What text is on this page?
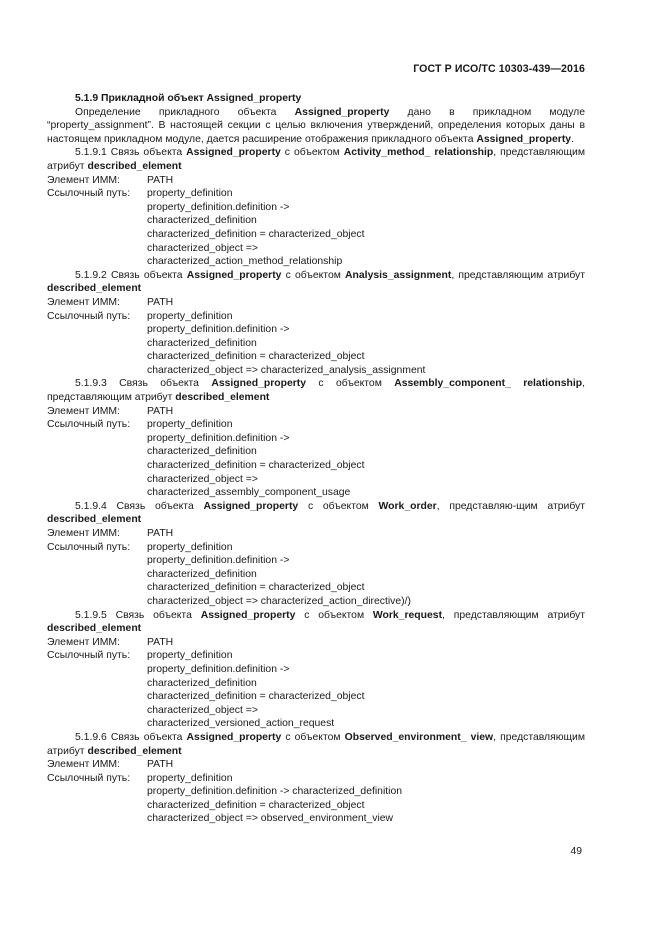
ГОСТ Р ИСО/ТС 10303-439—2016

5.1.9 Прикладной объект Assigned_property

Определение прикладного объекта Assigned_property дано в прикладном модуле “property_assignment”. В настоящей секции с целью включения утверждений, определения которых даны в настоящем прикладном модуле, дается расширение отображения прикладного объекта Assigned_property.

5.1.9.1 Связь объекта Assigned_property с объектом Activity_method_ relationship, представляющим атрибут described_element

Элемент ИММ:	PATH
Ссылочный путь:	property_definition
property_definition.definition ->
characterized_definition
characterized_definition = characterized_object
characterized_object =>
characterized_action_method_relationship

5.1.9.2 Связь объекта Assigned_property с объектом Analysis_assignment, представляющим атрибут described_element

Элемент ИММ:	PATH
Ссылочный путь:	property_definition
property_definition.definition ->
characterized_definition
characterized_definition = characterized_object
characterized_object => characterized_analysis_assignment

5.1.9.3 Связь объекта Assigned_property с объектом Assembly_component_ relationship, представляющим атрибут described_element

Элемент ИММ:	PATH
Ссылочный путь:	property_definition
property_definition.definition ->
characterized_definition
characterized_definition = characterized_object
characterized_object =>
characterized_assembly_component_usage

5.1.9.4 Связь объекта Assigned_property с объектом Work_order, представляю-щим атрибут described_element

Элемент ИММ:	PATH
Ссылочный путь:	property_definition
property_definition.definition ->
characterized_definition
characterized_definition = characterized_object
characterized_object => characterized_action_directive)/)

5.1.9.5 Связь объекта Assigned_property с объектом Work_request, представляющим атрибут described_element

Элемент ИММ:	PATH
Ссылочный путь:	property_definition
property_definition.definition ->
characterized_definition
characterized_definition = characterized_object
characterized_object =>
characterized_versioned_action_request

5.1.9.6 Связь объекта Assigned_property с объектом Observed_environment_ view, представляющим атрибут described_element

Элемент ИММ:	PATH
Ссылочный путь:	property_definition
property_definition.definition -> characterized_definition
characterized_definition = characterized_object
characterized_object => observed_environment_view
49
